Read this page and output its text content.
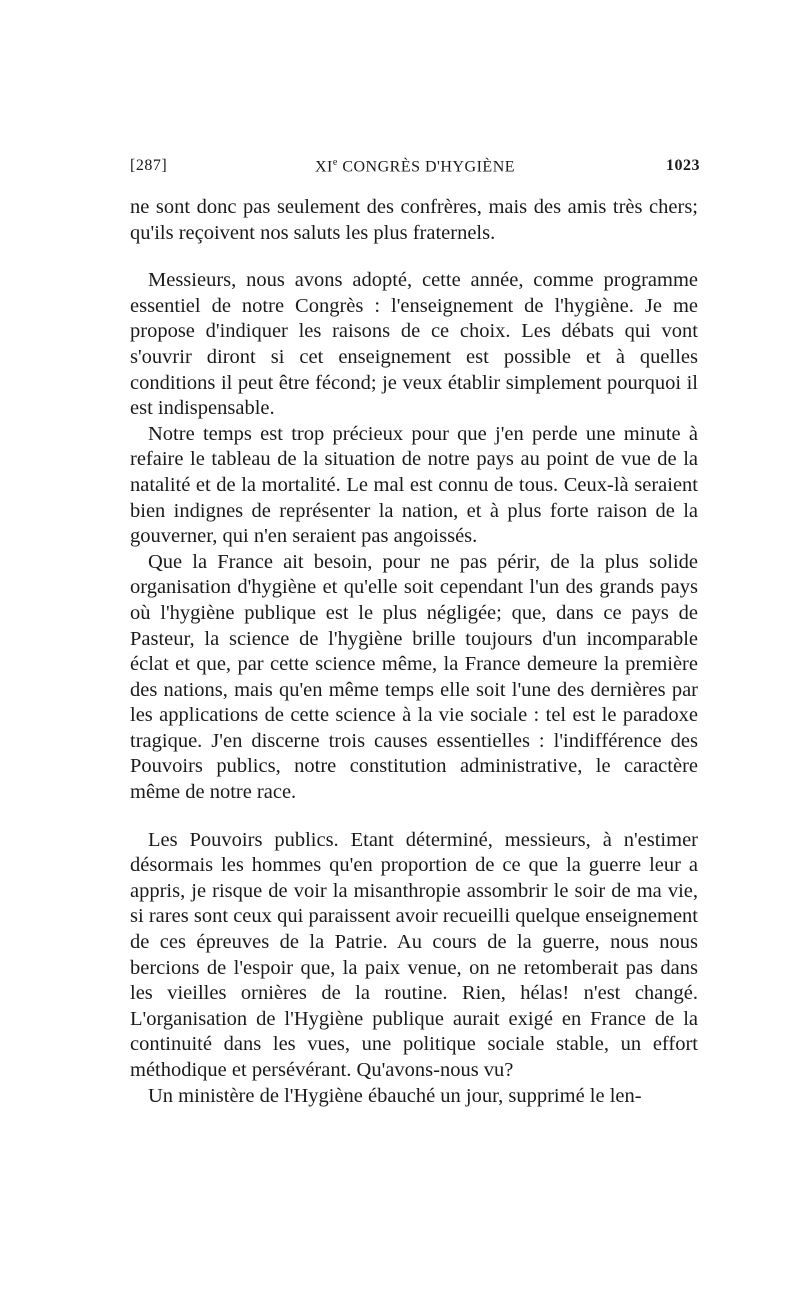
[287]	XIe CONGRÈS D'HYGIÈNE	1023

ne sont donc pas seulement des confrères, mais des amis très chers; qu'ils reçoivent nos saluts les plus fraternels.

Messieurs, nous avons adopté, cette année, comme programme essentiel de notre Congrès : l'enseignement de l'hygiène. Je me propose d'indiquer les raisons de ce choix. Les débats qui vont s'ouvrir diront si cet enseignement est possible et à quelles conditions il peut être fécond; je veux établir simplement pourquoi il est indispensable.

Notre temps est trop précieux pour que j'en perde une minute à refaire le tableau de la situation de notre pays au point de vue de la natalité et de la mortalité. Le mal est connu de tous. Ceux-là seraient bien indignes de représenter la nation, et à plus forte raison de la gouverner, qui n'en seraient pas angoissés.

Que la France ait besoin, pour ne pas périr, de la plus solide organisation d'hygiène et qu'elle soit cependant l'un des grands pays où l'hygiène publique est le plus négligée; que, dans ce pays de Pasteur, la science de l'hygiène brille toujours d'un incomparable éclat et que, par cette science même, la France demeure la première des nations, mais qu'en même temps elle soit l'une des dernières par les applications de cette science à la vie sociale : tel est le paradoxe tragique. J'en discerne trois causes essentielles : l'indifférence des Pouvoirs publics, notre constitution administrative, le caractère même de notre race.

Les Pouvoirs publics. Etant déterminé, messieurs, à n'estimer désormais les hommes qu'en proportion de ce que la guerre leur a appris, je risque de voir la misanthropie assombrir le soir de ma vie, si rares sont ceux qui paraissent avoir recueilli quelque enseignement de ces épreuves de la Patrie. Au cours de la guerre, nous nous bercions de l'espoir que, la paix venue, on ne retomberait pas dans les vieilles ornières de la routine. Rien, hélas! n'est changé. L'organisation de l'Hygiène publique aurait exigé en France de la continuité dans les vues, une politique sociale stable, un effort méthodique et persévérant. Qu'avons-nous vu?

Un ministère de l'Hygiène ébauché un jour, supprimé le len-
